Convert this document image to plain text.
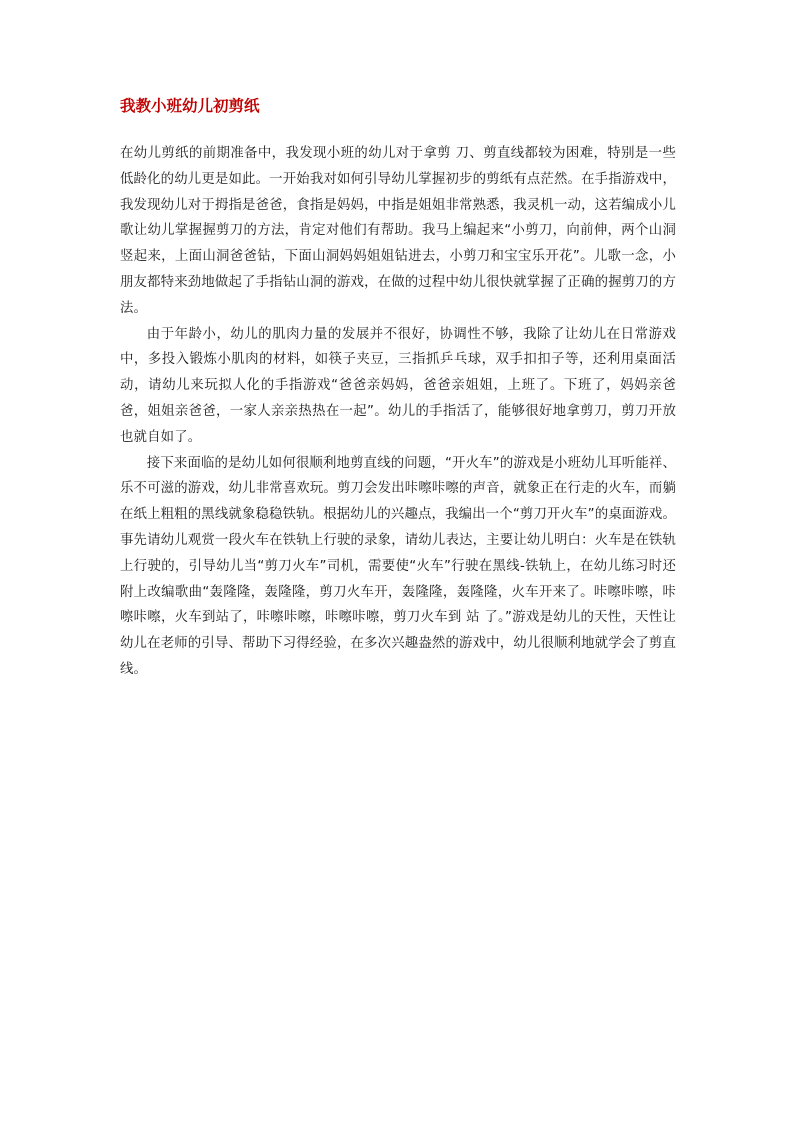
我教小班幼儿初剪纸

在幼儿剪纸的前期准备中，我发现小班的幼儿对于拿剪 刀、剪直线都较为困难，特别是一些低龄化的幼儿更是如此。一开始我对如何引导幼儿掌握初步的剪纸有点茫然。在手指游戏中，我发现幼儿对于拇指是爸爸，食指是妈妈，中指是姐姐非常熟悉，我灵机一动，这若编成小儿歌让幼儿掌握握剪刀的方法，肯定对他们有帮助。我马上编起来“小剪刀，向前伸，两个山洞竖起来，上面山洞爸爸钻，下面山洞妈妈姐姐钻进去，小剪刀和宝宝乐开花”。儿歌一念，小朋友都特来劲地做起了手指钻山洞的游戏，在做的过程中幼儿很快就掌握了正确的握剪刀的方法。

由于年龄小，幼儿的肌肉力量的发展并不很好，协调性不够，我除了让幼儿在日常游戏中，多投入锻炼小肌肉的材料，如筷子夹豆，三指抓乒乓球，双手扣扣子等，还利用桌面活动，请幼儿来玩拟人化的手指游戏“爸爸亲妈妈，爸爸亲姐姐，上班了。下班了，妈妈亲爸爸，姐姐亲爸爸，一家人亲亲热热在一起”。幼儿的手指活了，能够很好地拿剪刀，剪刀开放也就自如了。

接下来面临的是幼儿如何很顺利地剪直线的问题，“开火车”的游戏是小班幼儿耳听能祥、乐不可滋的游戏，幼儿非常喜欢玩。剪刀会发出咔嚓咔嚓的声音，就象正在行走的火车，而躺在纸上粗粗的黑线就象稳稳铁轨。根据幼儿的兴趣点，我编出一个“剪刀开火车”的桌面游戏。事先请幼儿观赏一段火车在铁轨上行驶的录象，请幼儿表达，主要让幼儿明白：火车是在铁轨上行驶的，引导幼儿当“剪刀火车”司机，需要使“火车”行驶在黑线-铁轨上，在幼儿练习时还附上改编歌曲“轰隆隆，轰隆隆，剪刀火车开，轰隆隆，轰隆隆，火车开来了。咔嚓咔嚓，咔嚓咔嚓，火车到站了，咔嚓咔嚓，咔嚓咔嚓，剪刀火车到 站 了。”游戏是幼儿的天性，天性让幼儿在老师的引导、帮助下习得经验，在多次兴趣盎然的游戏中，幼儿很顺利地就学会了剪直线。
